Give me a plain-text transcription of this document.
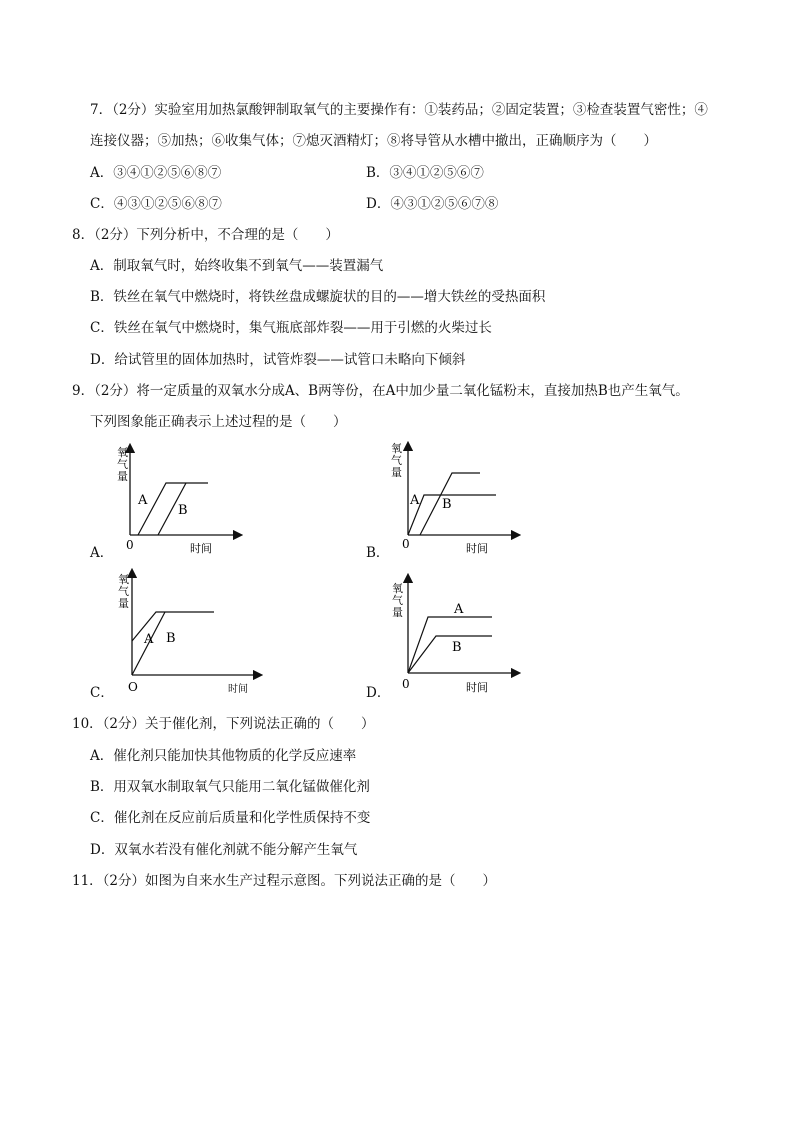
7．（2分）实验室用加热氯酸钾制取氧气的主要操作有：①装药品；②固定装置；③检查装置气密性；④
连接仪器；⑤加热；⑥收集气体；⑦熄灭酒精灯；⑧将导管从水槽中撤出，正确顺序为（　　）
A．③④①②⑤⑥⑧⑦	B．③④①②⑤⑥⑦
C．④③①②⑤⑥⑧⑦	D．④③①②⑤⑥⑦⑧
8．（2分）下列分析中，不合理的是（　　）
A．制取氧气时，始终收集不到氧气——装置漏气
B．铁丝在氧气中燃烧时，将铁丝盘成螺旋状的目的——增大铁丝的受热面积
C．铁丝在氧气中燃烧时，集气瓶底部炸裂——用于引燃的火柴过长
D．给试管里的固体加热时，试管炸裂——试管口未略向下倾斜
9．（2分）将一定质量的双氧水分成A、B两等份，在A中加少量二氧化锰粉末，直接加热B也产生氧气。
下列图象能正确表示上述过程的是（　　）
A．
氧
气
量
A
B
0	时间	B．
氧
气
量
A B
0	时间
C．
氧
气
量
A B
O	时间	D．
氧
气
量	A
B
0	时间
10．（2分）关于催化剂，下列说法正确的（　　）
A．催化剂只能加快其他物质的化学反应速率
B．用双氧水制取氧气只能用二氧化锰做催化剂
C．催化剂在反应前后质量和化学性质保持不变
D．双氧水若没有催化剂就不能分解产生氧气
11．（2分）如图为自来水生产过程示意图。下列说法正确的是（　　）
